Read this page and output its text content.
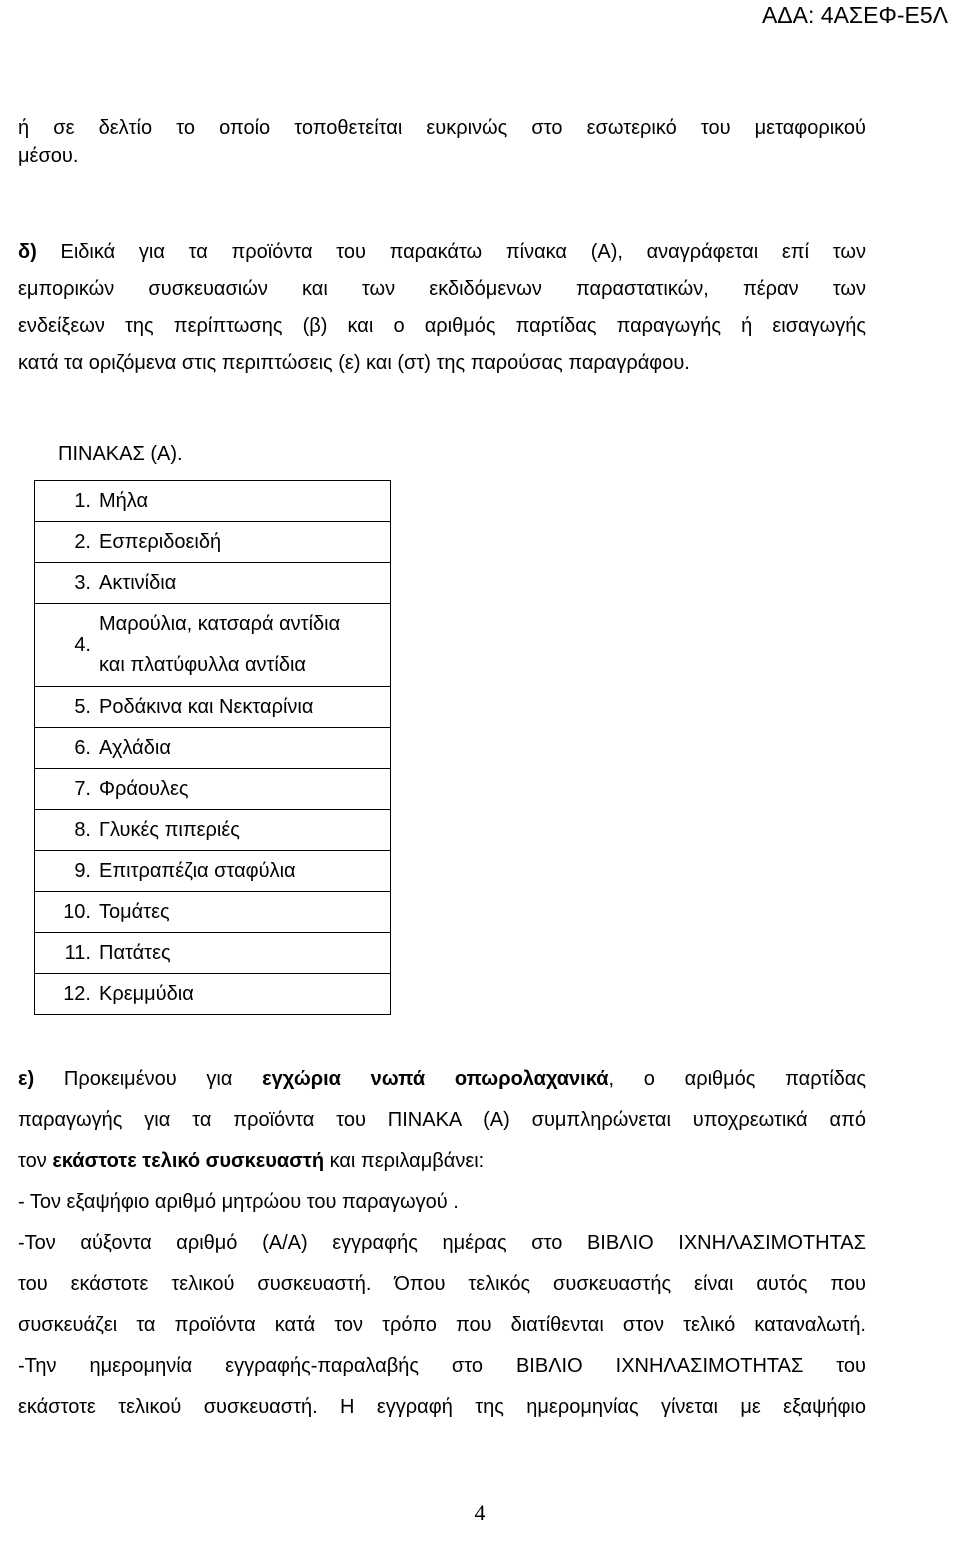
ΑΔΑ: 4ΑΣΕΦ-Ε5Λ
ή σε δελτίο το οποίο τοποθετείται ευκρινώς στο εσωτερικό του μεταφορικού
μέσου.
δ) Ειδικά για τα προϊόντα του παρακάτω πίνακα (Α), αναγράφεται επί των
εμπορικών συσκευασιών και των εκδιδόμενων παραστατικών, πέραν των
ενδείξεων της περίπτωσης (β) και ο αριθμός παρτίδας παραγωγής ή εισαγωγής
κατά τα οριζόμενα στις περιπτώσεις (ε) και (στ) της παρούσας παραγράφου.
ΠΙΝΑΚΑΣ (Α).
1.	Μήλα
2.	Εσπεριδοειδή
3.	Ακτινίδια
4.	Μαρούλια, κατσαρά αντίδια
και πλατύφυλλα αντίδια

5.	Ροδάκινα και Νεκταρίνια
6.	Αχλάδια
7.	Φράουλες
8.	Γλυκές πιπεριές
9.	Επιτραπέζια σταφύλια
10.	Τομάτες
11.	Πατάτες
12.	Κρεμμύδια
ε) Προκειμένου για εγχώρια νωπά οπωρολαχανικά, ο αριθμός παρτίδας
παραγωγής για τα προϊόντα του ΠΙΝΑΚΑ (Α) συμπληρώνεται υποχρεωτικά από
τον εκάστοτε τελικό συσκευαστή και περιλαμβάνει:
- Τον εξαψήφιο αριθμό μητρώου του παραγωγού .
-Τον αύξοντα αριθμό (Α/Α) εγγραφής ημέρας στο ΒΙΒΛΙΟ ΙΧΝΗΛΑΣΙΜΟΤΗΤΑΣ
του εκάστοτε τελικού συσκευαστή. Όπου τελικός συσκευαστής είναι αυτός που
συσκευάζει τα προϊόντα κατά τον τρόπο που διατίθενται στον τελικό καταναλωτή.
-Την ημερομηνία εγγραφής-παραλαβής στο ΒΙΒΛΙΟ ΙΧΝΗΛΑΣΙΜΟΤΗΤΑΣ του
εκάστοτε τελικού συσκευαστή. Η εγγραφή της ημερομηνίας γίνεται με εξαψήφιο
4
